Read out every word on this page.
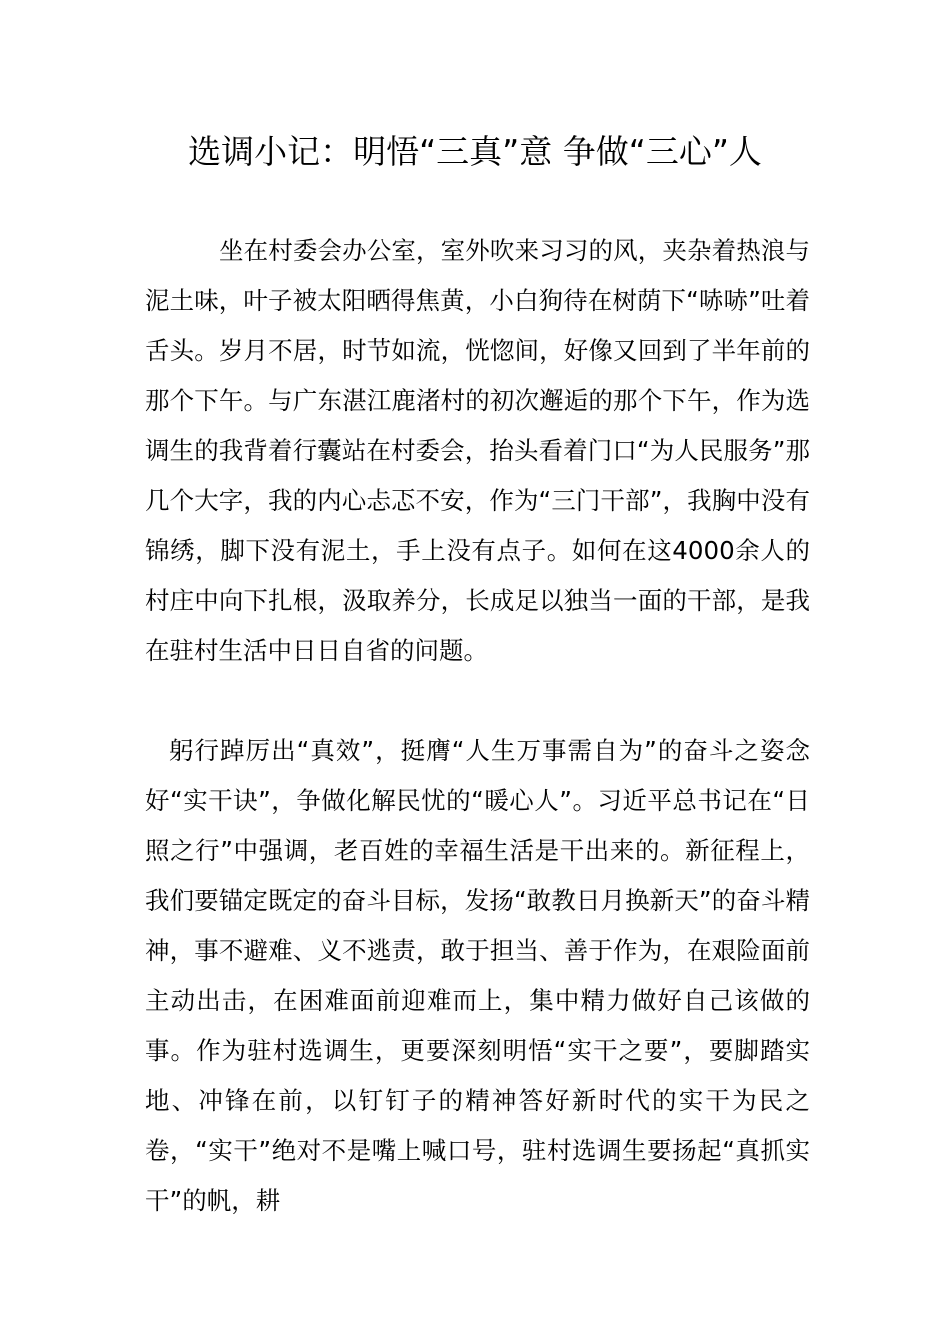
选调小记：明悟“三真”意 争做“三心”人

坐在村委会办公室，室外吹来习习的风，夹杂着热浪与泥土味，叶子被太阳晒得焦黄，小白狗待在树荫下“哧哧”吐着舌头。岁月不居，时节如流，恍惚间，好像又回到了半年前的那个下午。与广东湛江鹿渚村的初次邂逅的那个下午，作为选调生的我背着行囊站在村委会，抬头看着门口“为人民服务”那几个大字，我的内心忐忑不安，作为“三门干部”，我胸中没有锦绣，脚下没有泥土，手上没有点子。如何在这4000余人的村庄中向下扎根，汲取养分，长成足以独当一面的干部，是我在驻村生活中日日自省的问题。

躬行踔厉出“真效”，挺膺“人生万事需自为”的奋斗之姿念好“实干诀”，争做化解民忧的“暖心人”。习近平总书记在“日照之行”中强调，老百姓的幸福生活是干出来的。新征程上，我们要锚定既定的奋斗目标，发扬“敢教日月换新天”的奋斗精神，事不避难、义不逃责，敢于担当、善于作为，在艰险面前主动出击，在困难面前迎难而上，集中精力做好自己该做的事。作为驻村选调生，更要深刻明悟“实干之要”，要脚踏实地、冲锋在前，以钉钉子的精神答好新时代的实干为民之卷，“实干”绝对不是嘴上喊口号，驻村选调生要扬起“真抓实干”的帆，耕
